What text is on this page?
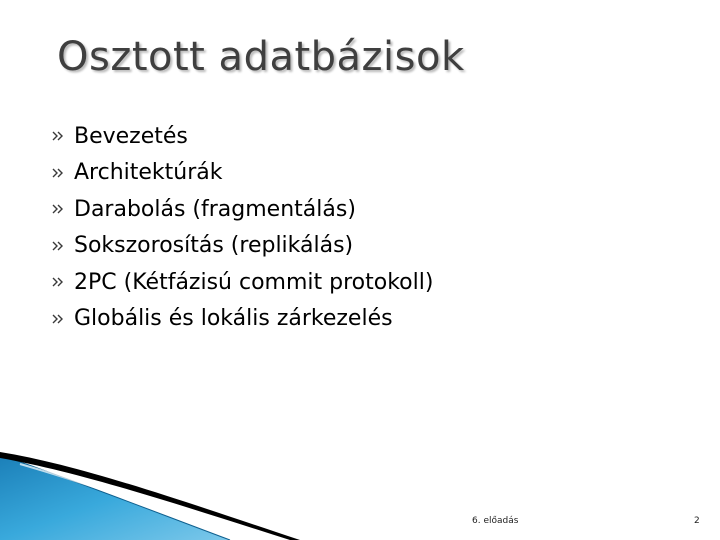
Osztott adatbázisok
Bevezetés
Architektúrák
Darabolás (fragmentálás)
Sokszorosítás (replikálás)
2PC (Kétfázisú commit protokoll)
Globális és lokális zárkezelés
6. előadás	2
